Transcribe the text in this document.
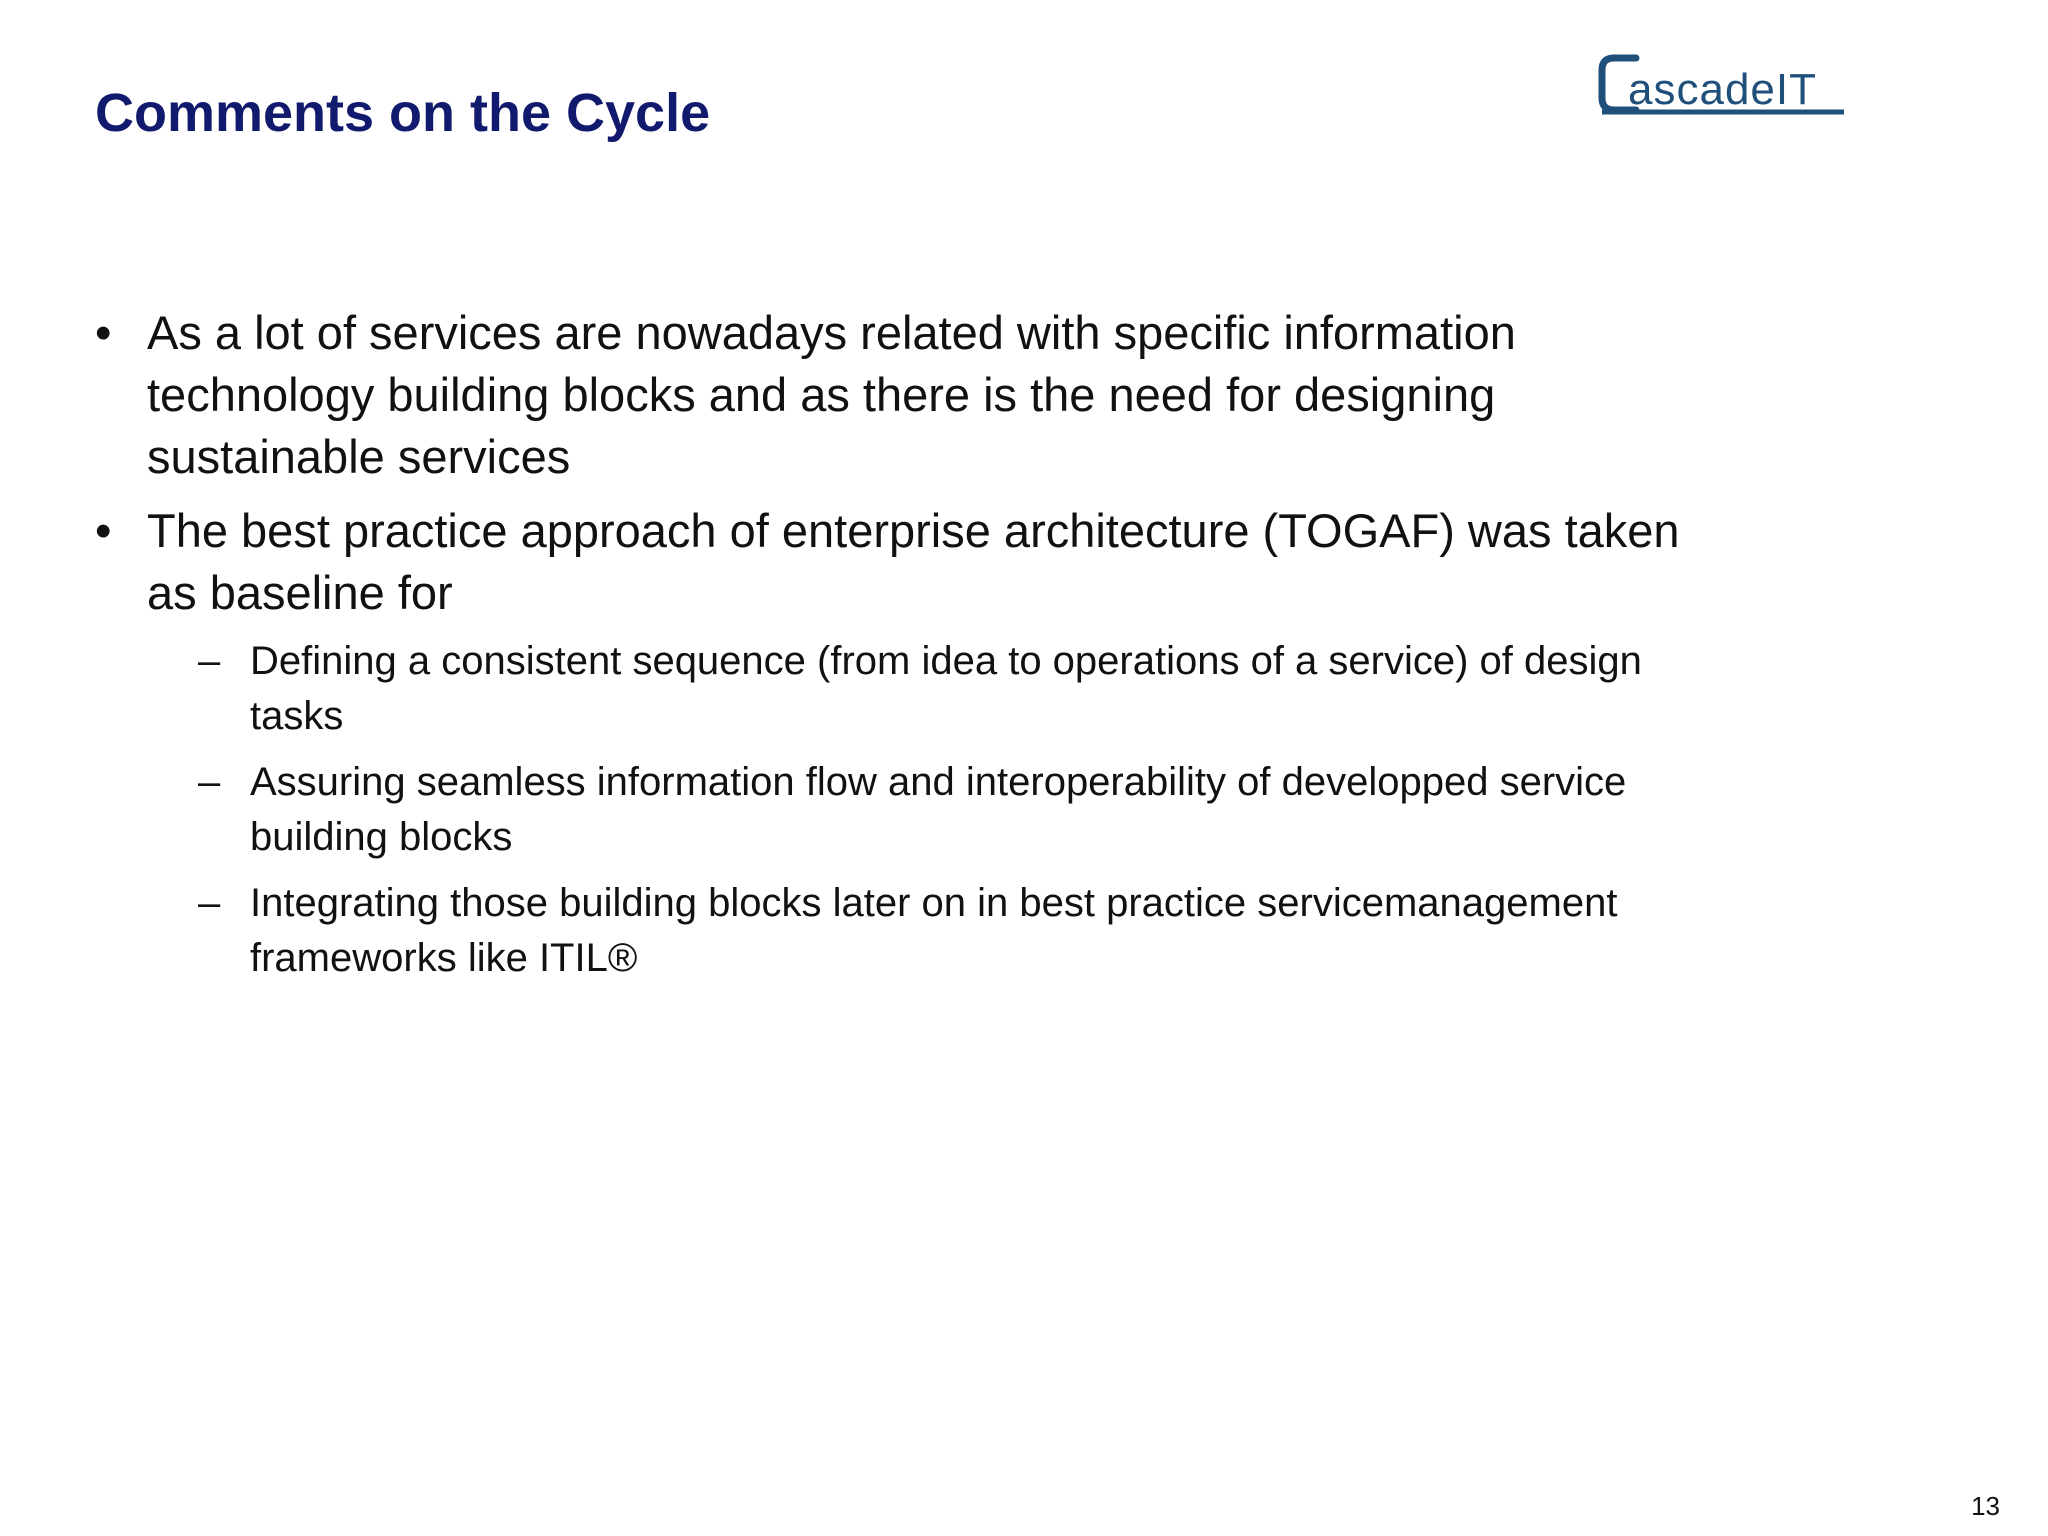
Comments on the Cycle	ascadeIT
• As a lot of services are nowadays related with specific information
technology building blocks and as there is the need for designing
sustainable services
• The best practice approach of enterprise architecture (TOGAF) was taken
as baseline for
– Defining a consistent sequence (from idea to operations of a service) of design
tasks
– Assuring seamless information flow and interoperability of developped service
building blocks
– Integrating those building blocks later on in best practice servicemanagement
frameworks like ITIL®
13
